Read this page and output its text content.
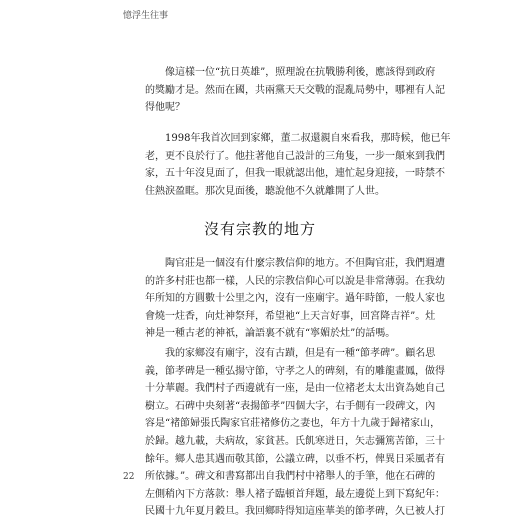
憶浮生往事
　　像這樣一位“抗日英雄”，照理說在抗戰勝利後，應該得到政府
的獎勵才是。然而在國，共兩黨天天交戰的混亂局勢中，哪裡有人記
得他呢？
　　1998年我首次回到家鄉，董二叔還親自來看我，那時候，他已年
老，更不良於行了。他拄著他自己設計的三角隻，一步一顛來到我們
家，五十年沒見面了，但我一眼就認出他，連忙起身迎接，一時禁不
住熱淚盈眶。那次見面後，聽說他不久就離開了人世。
沒有宗教的地方
　　陶官莊是一個沒有什麼宗教信仰的地方。不但陶官莊，我們週遭
的許多村莊也都一樣，人民的宗教信仰心可以說是非常薄弱。在我幼
年所知的方圓數十公里之內，沒有一座廟宇。過年時節，一般人家也
會燒一炷香，向灶神祭拜，希望祂“上天言好事，回宮降吉祥”。灶
神是一種古老的神祇，論語裏不就有“寧媚於灶”的話嗎。
　　我的家鄉沒有廟宇，沒有古蹟，但是有一種“節孝碑”。顧名思
義，節孝碑是一種弘揚守節，守孝之人的碑刻，有的雕龍畫鳳，做得
十分華麗。我們村子西邊就有一座，是由一位褚老太太出資為她自己
樹立。石碑中央刻著“表揚節孝”四個大字，右手側有一段碑文，內
容是“褚節婦張氏陶家官莊褚修仿之妻也，年方十九歲于歸褚家山，
於歸。越九載，夫病故，家貧甚。氏飢寒迸日，矢志彌篤苦節，三十
餘年。鄉人患其遇而敬其節，公議立碑，以垂不朽，俾異日采風者有
所依據。”。碑文和書寫都出自我們村中褚舉人的手筆，他在石碑的
左側稍內下方落款：舉人褚子臨頓首拜題，最左邊從上到下寫紀年：
民國十九年夏月穀旦。我回鄉時得知這座華美的節孝碑，久已被人打
22
